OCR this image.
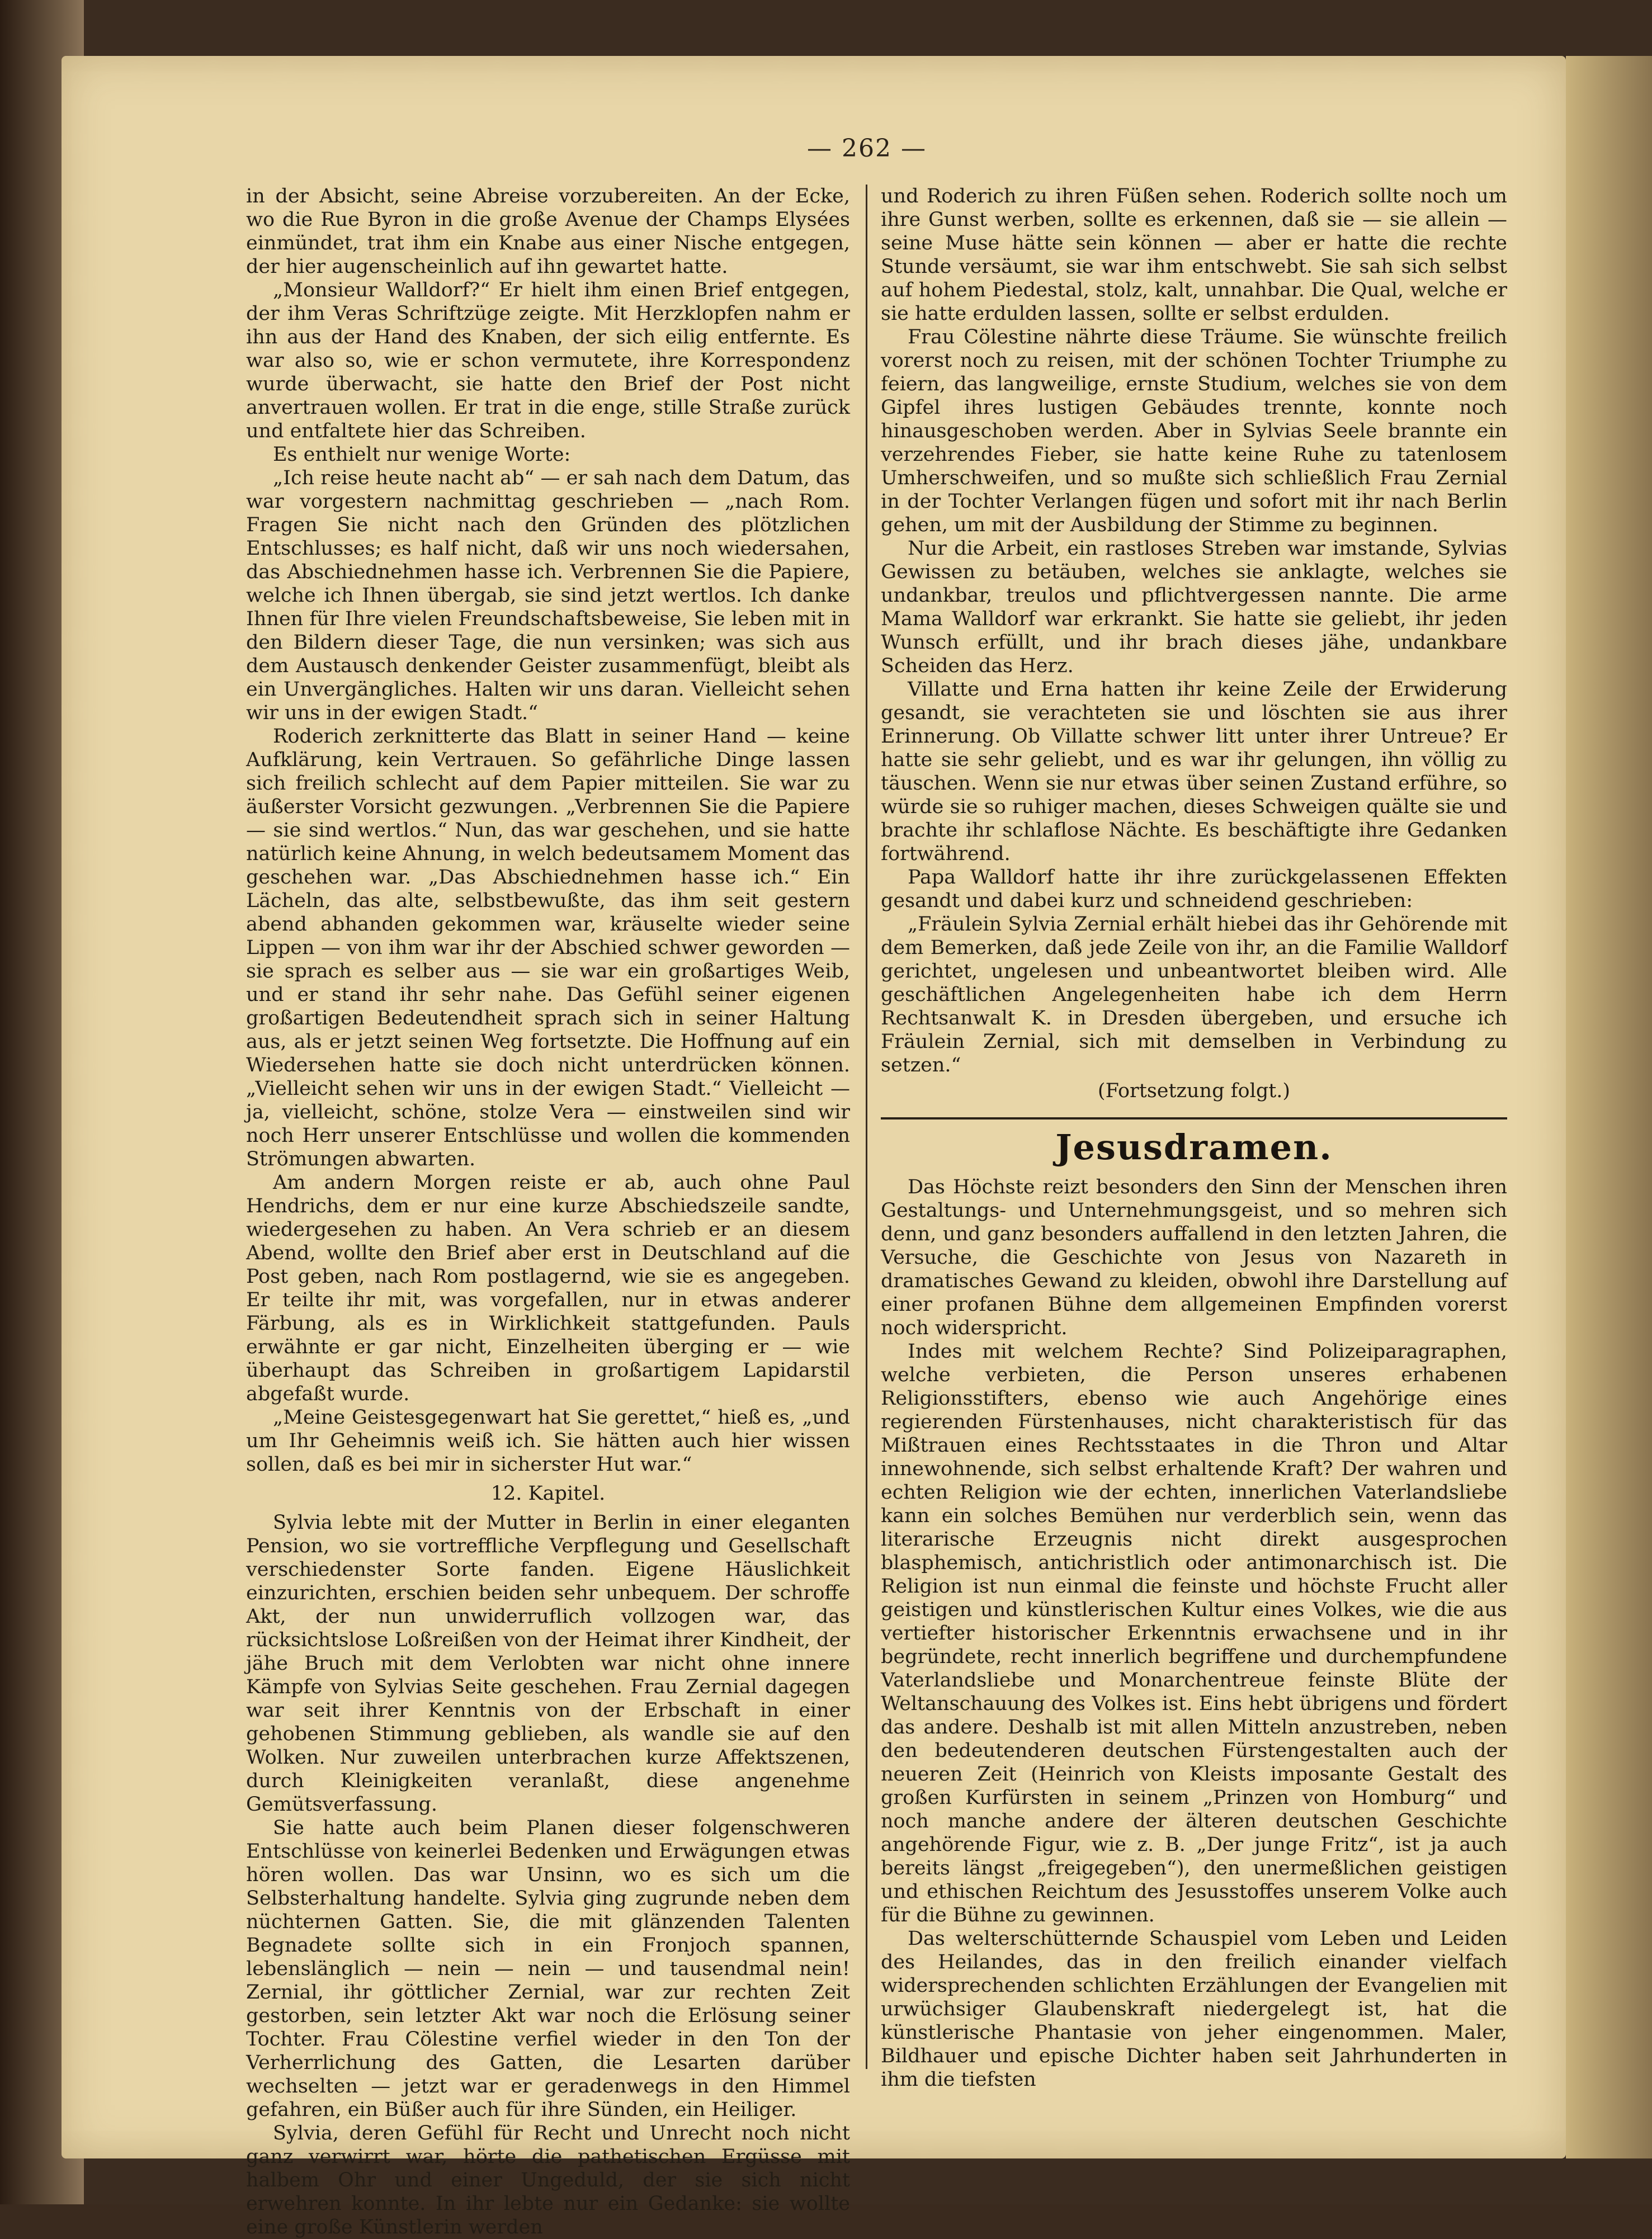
— 262 —

in der Absicht, seine Abreise vorzubereiten. An der Ecke, wo die Rue Byron in die große Avenue der Champs Elysées einmündet, trat ihm ein Knabe aus einer Nische entgegen, der hier augenscheinlich auf ihn gewartet hatte.

„Monsieur Walldorf?“ Er hielt ihm einen Brief entgegen, der ihm Veras Schriftzüge zeigte. Mit Herzklopfen nahm er ihn aus der Hand des Knaben, der sich eilig entfernte. Es war also so, wie er schon vermutete, ihre Korrespondenz wurde überwacht, sie hatte den Brief der Post nicht anvertrauen wollen. Er trat in die enge, stille Straße zurück und entfaltete hier das Schreiben.

Es enthielt nur wenige Worte:

„Ich reise heute nacht ab“ — er sah nach dem Datum, das war vorgestern nachmittag geschrieben — „nach Rom. Fragen Sie nicht nach den Gründen des plötzlichen Entschlusses; es half nicht, daß wir uns noch wiedersahen, das Abschiednehmen hasse ich. Verbrennen Sie die Papiere, welche ich Ihnen übergab, sie sind jetzt wertlos. Ich danke Ihnen für Ihre vielen Freundschaftsbeweise, Sie leben mit in den Bildern dieser Tage, die nun versinken; was sich aus dem Austausch denkender Geister zusammenfügt, bleibt als ein Unvergängliches. Halten wir uns daran. Vielleicht sehen wir uns in der ewigen Stadt.“

Roderich zerknitterte das Blatt in seiner Hand — keine Aufklärung, kein Vertrauen. So gefährliche Dinge lassen sich freilich schlecht auf dem Papier mitteilen. Sie war zu äußerster Vorsicht gezwungen. „Verbrennen Sie die Papiere — sie sind wertlos.“ Nun, das war geschehen, und sie hatte natürlich keine Ahnung, in welch bedeutsamem Moment das geschehen war. „Das Abschiednehmen hasse ich.“ Ein Lächeln, das alte, selbstbewußte, das ihm seit gestern abend abhanden gekommen war, kräuselte wieder seine Lippen — von ihm war ihr der Abschied schwer geworden — sie sprach es selber aus — sie war ein großartiges Weib, und er stand ihr sehr nahe. Das Gefühl seiner eigenen großartigen Bedeutendheit sprach sich in seiner Haltung aus, als er jetzt seinen Weg fortsetzte. Die Hoffnung auf ein Wiedersehen hatte sie doch nicht unterdrücken können. „Vielleicht sehen wir uns in der ewigen Stadt.“ Vielleicht — ja, vielleicht, schöne, stolze Vera — einstweilen sind wir noch Herr unserer Entschlüsse und wollen die kommenden Strömungen abwarten.

Am andern Morgen reiste er ab, auch ohne Paul Hendrichs, dem er nur eine kurze Abschiedszeile sandte, wiedergesehen zu haben. An Vera schrieb er an diesem Abend, wollte den Brief aber erst in Deutschland auf die Post geben, nach Rom postlagernd, wie sie es angegeben. Er teilte ihr mit, was vorgefallen, nur in etwas anderer Färbung, als es in Wirklichkeit stattgefunden. Pauls erwähnte er gar nicht, Einzelheiten überging er — wie überhaupt das Schreiben in großartigem Lapidarstil abgefaßt wurde.

„Meine Geistesgegenwart hat Sie gerettet,“ hieß es, „und um Ihr Geheimnis weiß ich. Sie hätten auch hier wissen sollen, daß es bei mir in sicherster Hut war.“

12. Kapitel.

Sylvia lebte mit der Mutter in Berlin in einer eleganten Pension, wo sie vortreffliche Verpflegung und Gesellschaft verschiedenster Sorte fanden. Eigene Häuslichkeit einzurichten, erschien beiden sehr unbequem. Der schroffe Akt, der nun unwiderruflich vollzogen war, das rücksichtslose Loßreißen von der Heimat ihrer Kindheit, der jähe Bruch mit dem Verlobten war nicht ohne innere Kämpfe von Sylvias Seite geschehen. Frau Zernial dagegen war seit ihrer Kenntnis von der Erbschaft in einer gehobenen Stimmung geblieben, als wandle sie auf den Wolken. Nur zuweilen unterbrachen kurze Affektszenen, durch Kleinigkeiten veranlaßt, diese angenehme Gemütsverfassung.

Sie hatte auch beim Planen dieser folgenschweren Entschlüsse von keinerlei Bedenken und Erwägungen etwas hören wollen. Das war Unsinn, wo es sich um die Selbsterhaltung handelte. Sylvia ging zugrunde neben dem nüchternen Gatten. Sie, die mit glänzenden Talenten Begnadete sollte sich in ein Fronjoch spannen, lebenslänglich — nein — nein — und tausendmal nein! Zernial, ihr göttlicher Zernial, war zur rechten Zeit gestorben, sein letzter Akt war noch die Erlösung seiner Tochter. Frau Cölestine verfiel wieder in den Ton der Verherrlichung des Gatten, die Lesarten darüber wechselten — jetzt war er geradenwegs in den Himmel gefahren, ein Büßer auch für ihre Sünden, ein Heiliger.

Sylvia, deren Gefühl für Recht und Unrecht noch nicht ganz verwirrt war, hörte die pathetischen Ergüsse mit halbem Ohr und einer Ungeduld, der sie sich nicht erwehren konnte. In ihr lebte nur ein Gedanke: sie wollte eine große Künstlerin werden

und Roderich zu ihren Füßen sehen. Roderich sollte noch um ihre Gunst werben, sollte es erkennen, daß sie — sie allein — seine Muse hätte sein können — aber er hatte die rechte Stunde versäumt, sie war ihm entschwebt. Sie sah sich selbst auf hohem Piedestal, stolz, kalt, unnahbar. Die Qual, welche er sie hatte erdulden lassen, sollte er selbst erdulden.

Frau Cölestine nährte diese Träume. Sie wünschte freilich vorerst noch zu reisen, mit der schönen Tochter Triumphe zu feiern, das langweilige, ernste Studium, welches sie von dem Gipfel ihres lustigen Gebäudes trennte, konnte noch hinausgeschoben werden. Aber in Sylvias Seele brannte ein verzehrendes Fieber, sie hatte keine Ruhe zu tatenlosem Umherschweifen, und so mußte sich schließlich Frau Zernial in der Tochter Verlangen fügen und sofort mit ihr nach Berlin gehen, um mit der Ausbildung der Stimme zu beginnen.

Nur die Arbeit, ein rastloses Streben war imstande, Sylvias Gewissen zu betäuben, welches sie anklagte, welches sie undankbar, treulos und pflichtvergessen nannte. Die arme Mama Walldorf war erkrankt. Sie hatte sie geliebt, ihr jeden Wunsch erfüllt, und ihr brach dieses jähe, undankbare Scheiden das Herz.

Villatte und Erna hatten ihr keine Zeile der Erwiderung gesandt, sie verachteten sie und löschten sie aus ihrer Erinnerung. Ob Villatte schwer litt unter ihrer Untreue? Er hatte sie sehr geliebt, und es war ihr gelungen, ihn völlig zu täuschen. Wenn sie nur etwas über seinen Zustand erführe, so würde sie so ruhiger machen, dieses Schweigen quälte sie und brachte ihr schlaflose Nächte. Es beschäftigte ihre Gedanken fortwährend.

Papa Walldorf hatte ihr ihre zurückgelassenen Effekten gesandt und dabei kurz und schneidend geschrieben:

„Fräulein Sylvia Zernial erhält hiebei das ihr Gehörende mit dem Bemerken, daß jede Zeile von ihr, an die Familie Walldorf gerichtet, ungelesen und unbeantwortet bleiben wird. Alle geschäftlichen Angelegenheiten habe ich dem Herrn Rechtsanwalt K. in Dresden übergeben, und ersuche ich Fräulein Zernial, sich mit demselben in Verbindung zu setzen.“

(Fortsetzung folgt.)
Jesusdramen.

Das Höchste reizt besonders den Sinn der Menschen ihren Gestaltungs- und Unternehmungsgeist, und so mehren sich denn, und ganz besonders auffallend in den letzten Jahren, die Versuche, die Geschichte von Jesus von Nazareth in dramatisches Gewand zu kleiden, obwohl ihre Darstellung auf einer profanen Bühne dem allgemeinen Empfinden vorerst noch widerspricht.

Indes mit welchem Rechte? Sind Polizeiparagraphen, welche verbieten, die Person unseres erhabenen Religionsstifters, ebenso wie auch Angehörige eines regierenden Fürstenhauses, nicht charakteristisch für das Mißtrauen eines Rechtsstaates in die Thron und Altar innewohnende, sich selbst erhaltende Kraft? Der wahren und echten Religion wie der echten, innerlichen Vaterlandsliebe kann ein solches Bemühen nur verderblich sein, wenn das literarische Erzeugnis nicht direkt ausgesprochen blasphemisch, antichristlich oder antimonarchisch ist. Die Religion ist nun einmal die feinste und höchste Frucht aller geistigen und künstlerischen Kultur eines Volkes, wie die aus vertiefter historischer Erkenntnis erwachsene und in ihr begründete, recht innerlich begriffene und durchempfundene Vaterlandsliebe und Monarchentreue feinste Blüte der Weltanschauung des Volkes ist. Eins hebt übrigens und fördert das andere. Deshalb ist mit allen Mitteln anzustreben, neben den bedeutenderen deutschen Fürstengestalten auch der neueren Zeit (Heinrich von Kleists imposante Gestalt des großen Kurfürsten in seinem „Prinzen von Homburg“ und noch manche andere der älteren deutschen Geschichte angehörende Figur, wie z. B. „Der junge Fritz“, ist ja auch bereits längst „freigegeben“), den unermeßlichen geistigen und ethischen Reichtum des Jesusstoffes unserem Volke auch für die Bühne zu gewinnen.

Das welterschütternde Schauspiel vom Leben und Leiden des Heilandes, das in den freilich einander vielfach widersprechenden schlichten Erzählungen der Evangelien mit urwüchsiger Glaubenskraft niedergelegt ist, hat die künstlerische Phantasie von jeher eingenommen. Maler, Bildhauer und epische Dichter haben seit Jahrhunderten in ihm die tiefsten
